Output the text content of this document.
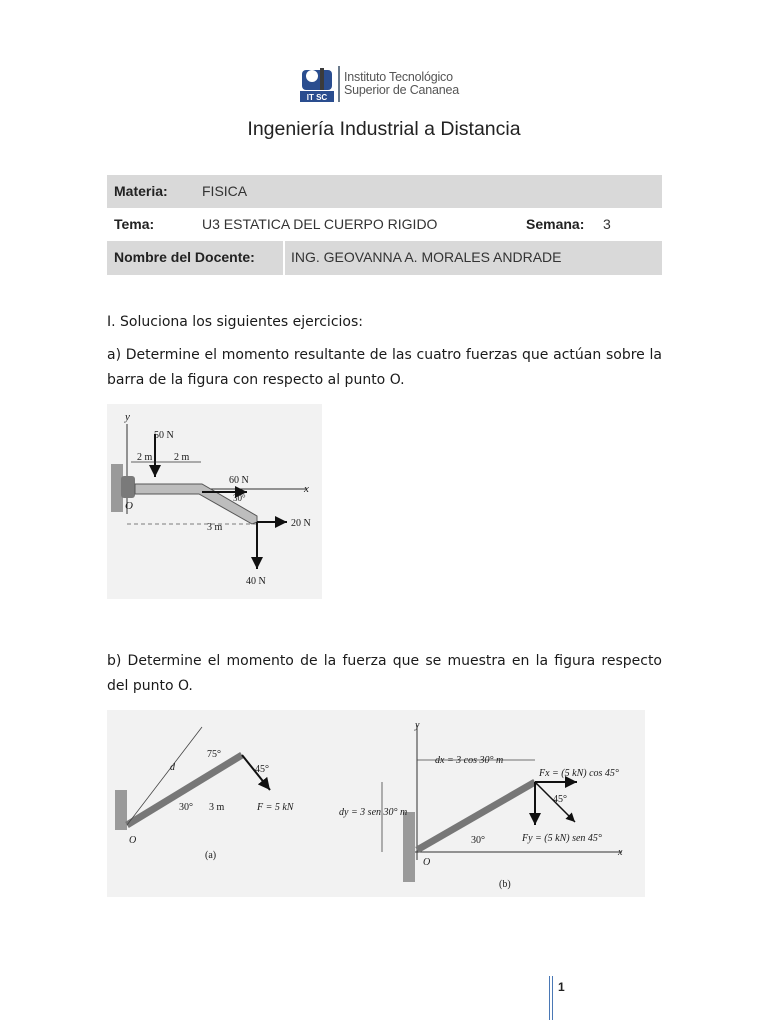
IT SC
Instituto Tecnológico
Superior de Cananea
Ingeniería Industrial a Distancia
Materia: FISICA
Tema:	U3 ESTATICA DEL CUERPO RIGIDO	Semana: 3
Nombre del Docente:	ING. GEOVANNA A. MORALES ANDRADE
I. Soluciona los siguientes ejercicios:
a) Determine el momento resultante de las cuatro fuerzas que actúan sobre la barra de la figura con respecto al punto O.
y
x
O
50 N
2 m 2 m
60 N
30°
20 N
3 m
40 N
b) Determine el momento de la fuerza que se muestra en la figura respecto del punto O.
d
75°
45°
30° 3 m	F = 5 kN
O
(a)
y
x
dx = 3 cos 30° m
dy = 3 sen 30° m
Fx = (5 kN) cos 45°
45°
Fy = (5 kN) sen 45°
30°
O
(b)
1
